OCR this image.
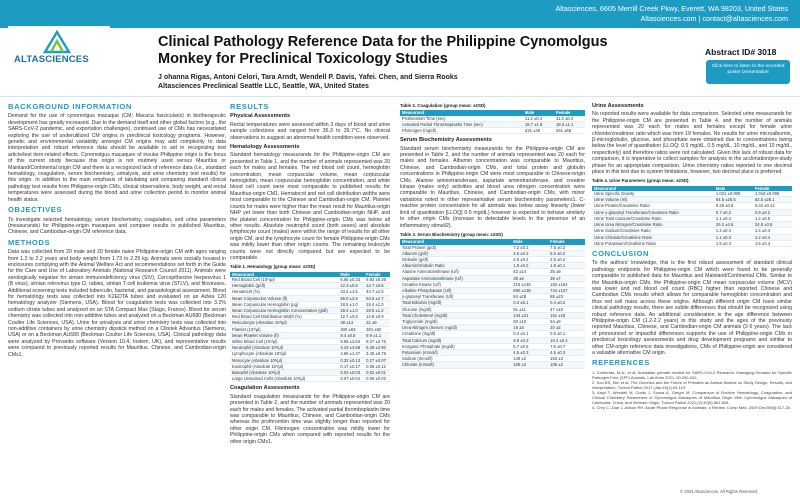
Altasciences, 6605 Merrill Creek Pkwy, Everett, WA 98203, United States
Altasciences.com | contact@altasciences.com
ALTASCIENCES
Clinical Pathology Reference Data for the Philippine Cynomolgus Monkey for Preclinical Toxicology Studies
J ohanna Rigas, Antoni Celori, Tara Arndt, Wendell P. Davis, Yafei. Chen, and Sierra Rooks
Altasciences Preclinical Seattle LLC, Seattle, WA, United States
Abstract ID# 3018
Click here to listen to the recorded poster presentation
BACKGROUND INFORMATION

Demand for the use of cynomolgus macaque (CM; Macaca fascicularis) in biotherapeutic development has greatly increased. Due to the demand itself and other global factors (e.g., the SARS-CoV-2 pandemic, and exportation challenges), continued use of CMs has necessitated exploring the use of underutilized CM origins in preclinical toxicology programs. However, genetic and environmental variability amongst CM origins may add complexity to data interpretation and robust reference data should be available to aid in recognizing test article/test item-related effects. Cynomolgus macaques of insular Philippine origin is the focus of this current study because this origin is not routinely used versus Mauritius or Mainland/Continental origin CM and there is a recognized lack of reference data (i.e., standard hematology, coagulation, serum biochemistry, urinalysis, and urine chemistry test results) for this origin. In addition to the main emphasis of tabulating and comparing standard clinical pathology test results from Philippine-origin CMs, clinical observations, body weight, and rectal temperatures were assessed during the blood and urine collection period to monitor animal health status.

OBJECTIVES

To investigate selected hematology, serum biochemistry, coagulation, and urine parameters (measurands) for Philippine-origin macaques and compare results to published Mauritius, Chinese, and Cambodian-origin CM reference data.

METHODS

Data was collected from 20 male and 20 female naive Philippine-origin CM with ages ranging from 1.2 to 2.2 years and body weight from 1.73 to 2.25 kg. Animals were socially housed in enclosures complying with the Animal Welfare Act and recommendations set forth in the Guide for the Care and Use of Laboratory Animals (National Research Council 2011). Animals were serologically negative for simian immunodeficiency virus (SIV), Cercopithecine herpesvirus 1 (B virus), simian retrovirus type D, rabies, simian T-cell leukemia virus (STLV), and filoviruses. Additional screening tests included tuberculin, bacterial, and parasitological assessment. Blood for hematology tests was collected into K2EDTA tubes and evaluated on an Advia 120 hematology analyzer (Siemens, USA). Blood for coagulation tests was collected into 3.2% sodium citrate tubes and analyzed on an STA Compact Max (Stago, France). Blood for serum chemistry was collected into non-additive tubes and analyzed on a Beckman AU680 (Beckman Coulter Life Sciences, USA). Urine for urinalysis and urine chemistry tests was collected into non-additive containers by urine chemistry dipstick method on a Clinitek Advantus (Siemens, USA) or on a Beckman AU680 (Beckman Coulter Life Sciences, USA). Clinical pathology data were analyzed by Provantis software (Version 10.4, Instem, UK), and representative results were compared to previously reported results for Mauritius, Chinese, and Cambodian-origin CMs1.

RESULTS
Physical Assessments

Rectal temperatures were assessed within 3 days of blood and urine sample collections and ranged from 36.3 to 39.7°C. No clinical observations to suggest an abnormal health condition were observed.

Hematology Assessments

Standard hematology measurands for the Philippine-origin CM are presented in Table 1, and the number of animals represented was 20 each for males and females. The red blood cell count, hemoglobin concentration, mean corpuscular volume, mean corpuscular hemoglobin, mean corpuscular hemoglobin concentration, and white blood cell count were most comparable to published results for Mauritius-origin CM1. Hematocrit and red cell distribution widths were most comparable to the Chinese and Cambodian-origin CM. Platelet counts for males were higher than the mean result for Mauritius-origin NHP yet lower than both Chinese and Cambodian-origin NHP, and the platelet concentration for Philippine-origin CMs was below all other results. Absolute neutrophil count (both sexes) and absolute lymphocyte count (males) were within the range of results for all other origin CM, and the lymphocyte count for female Philippine-origin CMs was mildly lower than other origin counts. The remaining leukocyte counts were not directly compared but are expected to be comparable.

Table 1. Hematology (group mean: ±2SD)
Measurand	Male	Female
Red Blood Cell (10⁶/µl)	6.66 ±0.33	6.93 ±0.36
Hemoglobin (g/dl)	12.3 ±0.6	12.7 ±0.5
Hematocrit (%)	43.2 ±1.5	44.7 ±2.5
Mean Corpuscular Volume (fl)	65.0 ±2.9	64.5 ±2.7
Mean Corpuscular Hemoglobin (pg)	18.5 ±1.0	18.4 ±1.0
Mean Corpuscular Hemoglobin Concentration (g/dl)	28.4 ±1.0	28.5 ±1.2
Red Blood Cell Distribution Width (%)	12.7 ±0.3	12.8 ±0.9
Reticulocyte (Absolute 10³/µl)	38 ±14	31 ±9
Platelet (10³/µl)	400 ±93	381 ±82
Mean Platelet Volume (fl)	9.4 ±0.8	9.9 ±1.1
White Blood Cell (10³/µl)	9.65 ±3.63	9.27 ±2.76
Neutrophil (Absolute 10³/µl)	4.43 ±3.58	5.39 ±2.90
Lymphocyte (Absolute 10³/µl)	4.65 ±1.47	3.45 ±0.79
Monocyte (Absolute 10³/µl)	0.32 ±0.13	0.27 ±0.07
Eosinophil (Absolute 10³/µl)	0.17 ±0.17	0.08 ±0.12
Basophil (Absolute 10³/µl)	0.03 ±0.03	0.02 ±0.01
Large Unstained Cells (Absolute 10³/µl)	0.07 ±0.04	0.06 ±0.02
Coagulation Assessments

Standard coagulation measurands for the Philippine-origin CM are presented in Table 2, and the number of animals represented was 20 each for males and females. The activated partial thromboplastin time was comparable to Mauritius, Chinese, and Cambodian-origin CMs whereas the prothrombin time was slightly longer than reported for other origin CM. Fibrinogen concentration was mildly lower for Philippine-origin CMs when compared with reported results for the other origin CMs1.

Table 2. Coagulation (group mean: ±2SD)
Measurand	Male	Female
Prothrombin Time (sec)	11.2 ±0.4	11.2 ±0.4
Activated Partial Thromboplastin Time (sec)	18.7 ±1.9	19.3 ±1.1
Fibrinogen (mg/dl)	231 ±29	231 ±56
Serum Biochemistry Assessments

Standard serum biochemistry measurands for the Philippine-origin CM are presented in Table 2, and the number of animals represented was 20 each for males and females. Albumin concentration was comparable to Mauritius, Chinese, and Cambodian-origin CMs, and total protein and globulin concentrations in Philippine-origin CM were most comparable to Chinese-origin CMs. Alanine aminotransferase, aspartate aminotransferase, and creatine kinase (males only) activities and blood urea nitrogen concentration were comparable to Mauritius, Chinese, and Cambodian-origin CMs, with minor variations noted in other representative serum biochemistry parameters1. C-reactive protein concentration for all animals was below assay linearity (lower limit of quantitation [LLOQ] 0.5 mg/dL) however is expected to behave similarly to other origin CMs (increase to detectable levels in the presence of an inflammatory stimuli2).

Table 3. Serum Biochemistry (group mean: ±2SD)
Measurand	Male	Female
Total Protein (g/dl)	7.2 ±0.3	7.6 ±0.2
Albumin (g/dl)	4.6 ±0.2	5.0 ±0.2
Globulin (g/dl)	2.6 ±0.2	2.6 ±0.2
Albumin/Globulin Ratio	1.8 ±0.2	1.9 ±0.1
Alanine Aminotransferase (U/l)	42 ±14	35 ±9
Aspartate Aminotransferase (U/l)	39 ±8	39 ±7
Creatine Kinase (U/l)	216 ±140	182 ±154
Alkaline Phosphatase (U/l)	690 ±138	744 ±137
γ-glutamyl Transferase (U/l)	84 ±28	88 ±23
Total Bilirubin (mg/dl)	0.3 ±0.1	0.4 ±0.2
Glucose (mg/dl)	51 ±11	47 ±10
Total Cholesterol (mg/dl)	144 ±21	151 ±18
Triglyceride (mg/dl)	50 ±10	54 ±8
Urea Nitrogen (Serum; mg/dl)	19 ±3	20 ±2
Creatinine (mg/dl)	0.4 ±0.1	0.5 ±0.1
Total Calcium (mg/dl)	9.9 ±0.3	10.4 ±0.4
Inorganic Phosphate (mg/dl)	6.7 ±0.5	7.5 ±0.7
Potassium (mmol/l)	4.5 ±0.3	4.5 ±0.3
Sodium (mmol/l)	149 ±2	153 ±3
Chloride (mmol/l)	108 ±2	108 ±2
Urine Assessments

No reported results were available for data comparison. Selected urine measurands for the Philippine-origin CM are presented in Table 4, and the number of animals represented was 20 each for males and females except for female urine chloride/creatinine ratio which was from 19 females. No results for urine microalbumin, β-microglobulin, glucose, and phosphate were obtained due to concentrations being below the level of quantitation (LLOQ: 0.5 mg/dL, 0.5 mg/dL, 10 mg/dL, and 10 mg/dL, respectively) and therefore ratios were not calculated. Given this lack of robust data for comparison, it is imperative to collect samples for analysis in the acclimation/pre-study phase for an appropriate comparison. Urine chemistry ratios reported to one decimal place in this text due to system limitations, however, two decimal place is preferred.

Table 4. Urine Parameters (group mean: ±2SD)
Measurand	Male	Female
Urine Specific Gravity	1.021 ±0.006	1.018 ±0.008
Urine Volume (ml)	54.5 ±26.5	62.5 ±26.1
Urine Protein/Creatinine Ratio	0.28 ±0.8	0.34 ±0.12
Urine γ-glutamyl Transferase/Creatinine Ratio	0.7 ±0.2	0.9 ±0.2
Urine Total Calcium/Creatinine Ratio	1.1 ±0.4	1.2 ±0.5
Urine Urea Nitrogen/Creatinine Ratio	26.2 ±4.6	24.8 ±3.6
Urine Sodium/Creatinine Ratio	1.4 ±0.4	1.4 ±0.4
Urine Chloride/Creatinine Ratio	1.1 ±0.3	1.2 ±0.4
Urine Potassium/Creatinine Ratio	1.5 ±0.4	1.6 ±0.4
CONCLUSION

To the authors' knowledge, this is the first robust assessment of standard clinical pathology endpoints for Philippine-origin CM which were found to be generally comparable to published data for Mauritius and Mainland/Continental CMs. Similar to the Mauritius-origin CMs, the Philippine-origin CM mean corpuscular volume (MCV) was lower and red blood cell count (RBC) higher than reported Chinese and Cambodian CMs results which allows for comparable hemoglobin concentration and thus red cell mass across these origins. Although different origin CM have similar clinical pathology results, there are subtle differences that should be recognized using robust reference data. An additional consideration is the age difference between Philippine-origin CM (1.2-2.2 years) in this study and the ages of the previously reported Mauritius, Chinese, and Cambodian-origin CM animals (2-5 years). The lack of pronounced or impactful differences supports the use of Philippine-origin CMs in preclinical toxicology assessments and drug development programs and similar to other CM-origin reference data investigations, CMs of Philippine-origin are considered a valuable alternative CM origin.

REFERENCES
1. Contreras, M.A., et al. Australian primate models for SARS-CoV-2 Research: Managing Demand for Specific Pathogen Free (SPF) Animals. Lab Anim 2021, 50:290-292.
2. Koo BS, Kim et al. The Genetics and the Future of Primates as Animal Models on Study Design, Results, and Interpretation. Toxicol Pathol 2017 (Jan;45(1):94-119.
3. Amyl T, Wendell M, Cuafu J, Sousa A, Gregor M. Comparison of Routine Hematology, Coagulation, and Clinical Chemistry Parameters of Cynomolgus Macaques of Mauritius Origin With Cynomolgus Macaques of Cambodia, China, and Vietnam Origin. Toxicol Pathol 2021;(2):49(5):561-606.
4. Crey C, Zaar J, Allison RH. Acute Phase Response in Animals: a Review. Comp Med. 2009 Dec;59(6):517-26.
© 2024 Altasciences. All Rights Reserved.
